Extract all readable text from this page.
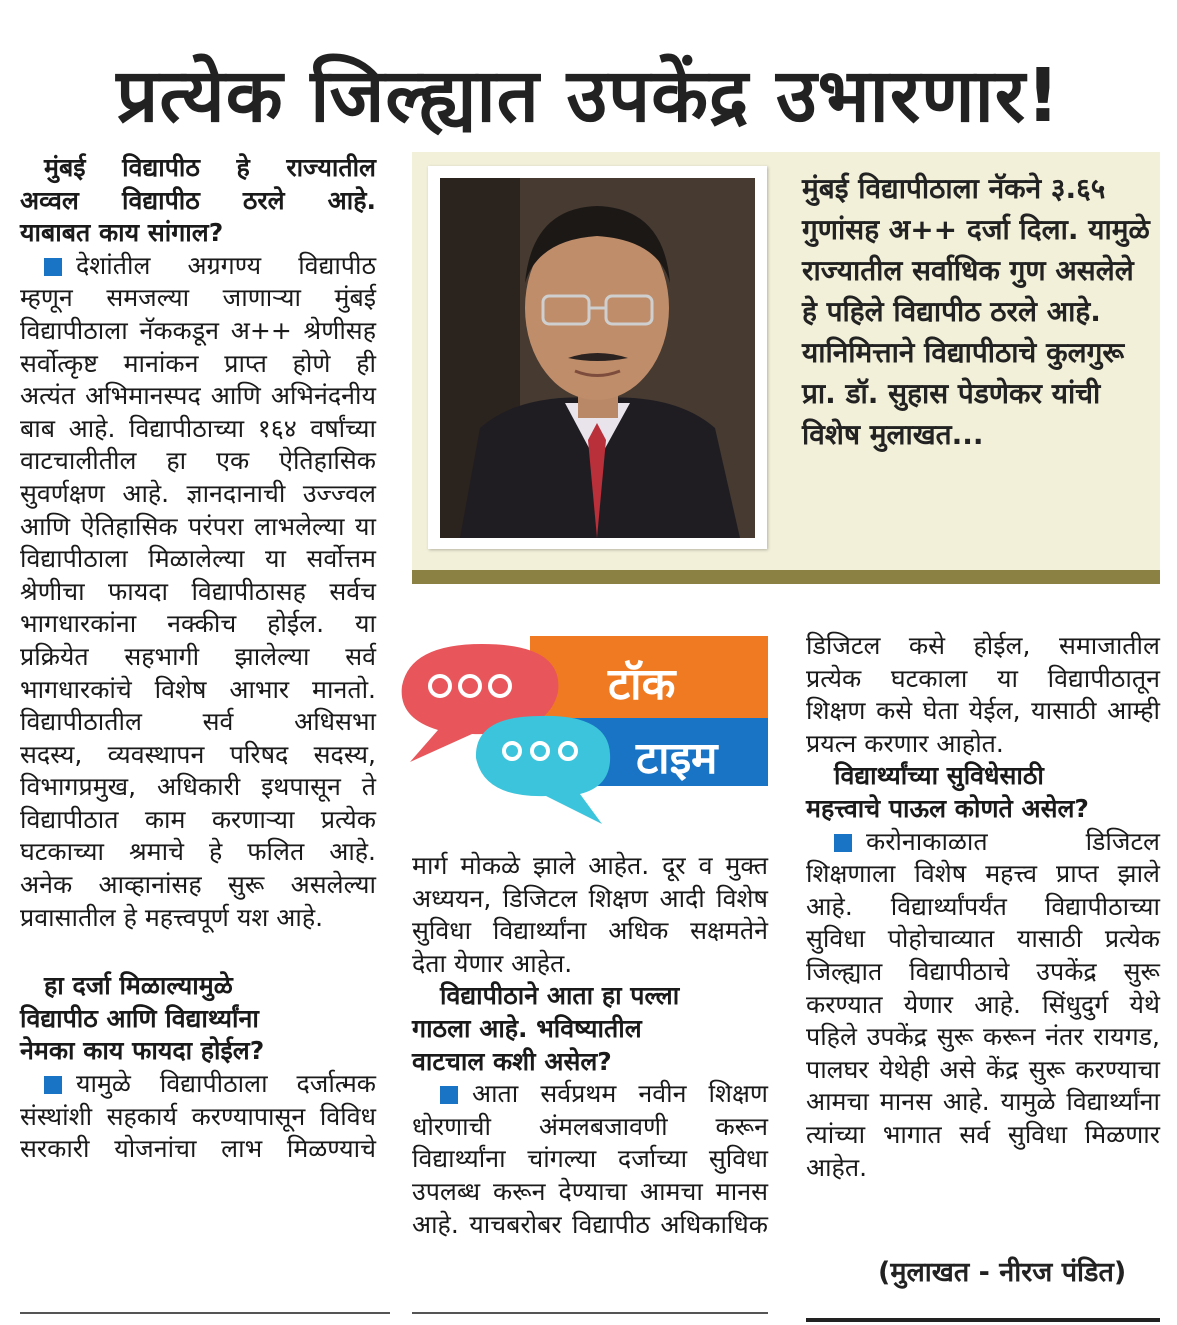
प्रत्येक जिल्ह्यात उपकेंद्र उभारणार!
मुंबई विद्यापीठाला नॅकने ३.६५ गुणांसह अ++ दर्जा दिला. यामुळे राज्यातील सर्वाधिक गुण असलेले हे पहिले विद्यापीठ ठरले आहे. यानिमित्ताने विद्यापीठाचे कुलगुरू प्रा. डॉ. सुहास पेडणेकर यांची विशेष मुलाखत...
टॉक
टाइम

मुंबई विद्यापीठ हे राज्यातील

अव्वल विद्यापीठ ठरले आहे.

याबाबत काय सांगाल?

देशांतील अग्रगण्य विद्यापीठ

म्हणून समजल्या जाणाऱ्या मुंबई

विद्यापीठाला नॅककडून अ++ श्रेणीसह

सर्वोत्कृष्ट मानांकन प्राप्त होणे ही

अत्यंत अभिमानस्पद आणि अभिनंदनीय

बाब आहे. विद्यापीठाच्या १६४ वर्षांच्या

वाटचालीतील हा एक ऐतिहासिक

सुवर्णक्षण आहे. ज्ञानदानाची उज्ज्वल

आणि ऐतिहासिक परंपरा लाभलेल्या या

विद्यापीठाला मिळालेल्या या सर्वोत्तम

श्रेणीचा फायदा विद्यापीठासह सर्वच

भागधारकांना नक्कीच होईल. या

प्रक्रियेत सहभागी झालेल्या सर्व

भागधारकांचे विशेष आभार मानतो.

विद्यापीठातील सर्व अधिसभा

सदस्य, व्यवस्थापन परिषद सदस्य,

विभागप्रमुख, अधिकारी इथपासून ते

विद्यापीठात काम करणाऱ्या प्रत्येक

घटकाच्या श्रमाचे हे फलित आहे.

अनेक आव्हानांसह सुरू असलेल्या

प्रवासातील हे महत्त्वपूर्ण यश आहे.

हा दर्जा मिळाल्यामुळे

विद्यापीठ आणि विद्यार्थ्यांना

नेमका काय फायदा होईल?

यामुळे विद्यापीठाला दर्जात्मक

संस्थांशी सहकार्य करण्यापासून विविध

सरकारी योजनांचा लाभ मिळण्याचे

मार्ग मोकळे झाले आहेत. दूर व मुक्त

अध्ययन, डिजिटल शिक्षण आदी विशेष

सुविधा विद्यार्थ्यांना अधिक सक्षमतेने

देता येणार आहेत.

विद्यापीठाने आता हा पल्ला

गाठला आहे. भविष्यातील

वाटचाल कशी असेल?

आता सर्वप्रथम नवीन शिक्षण

धोरणाची अंमलबजावणी करून

विद्यार्थ्यांना चांगल्या दर्जाच्या सुविधा

उपलब्ध करून देण्याचा आमचा मानस

आहे. याचबरोबर विद्यापीठ अधिकाधिक

डिजिटल कसे होईल, समाजातील

प्रत्येक घटकाला या विद्यापीठातून

शिक्षण कसे घेता येईल, यासाठी आम्ही

प्रयत्न करणार आहोत.

विद्यार्थ्यांच्या सुविधेसाठी

महत्त्वाचे पाऊल कोणते असेल?

करोनाकाळात डिजिटल

शिक्षणाला विशेष महत्त्व प्राप्त झाले

आहे. विद्यार्थ्यांपर्यंत विद्यापीठाच्या

सुविधा पोहोचाव्यात यासाठी प्रत्येक

जिल्ह्यात विद्यापीठाचे उपकेंद्र सुरू

करण्यात येणार आहे. सिंधुदुर्ग येथे

पहिले उपकेंद्र सुरू करून नंतर रायगड,

पालघर येथेही असे केंद्र सुरू करण्याचा

आमचा मानस आहे. यामुळे विद्यार्थ्यांना

त्यांच्या भागात सर्व सुविधा मिळणार

आहेत.

(मुलाखत - नीरज पंडित)
